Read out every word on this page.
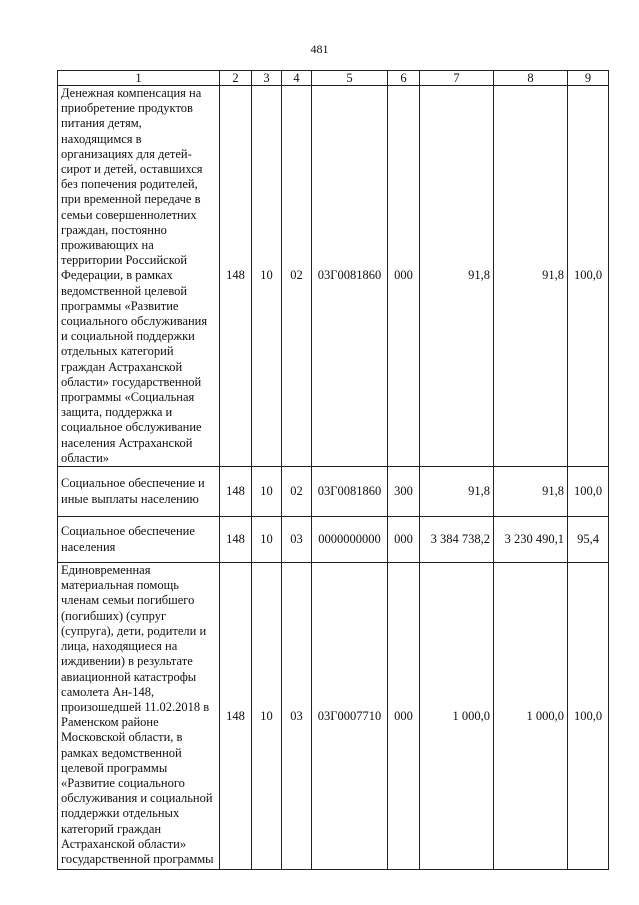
481
1	2	3	4	5	6	7	8	9
Денежная компенсация на приобретение продуктов питания детям, находящимся в организациях для детей-сирот и детей, оставшихся без попечения родителей, при временной передаче в семьи совершеннолетних граждан, постоянно проживающих на территории Российской Федерации, в рамках ведомственной целевой программы «Развитие социального обслуживания и социальной поддержки отдельных категорий граждан Астраханской области» государственной программы «Социальная защита, поддержка и социальное обслуживание населения Астраханской области»	148	10	02	03Г0081860	000	91,8	91,8	100,0
Социальное обеспечение и иные выплаты населению	148	10	02	03Г0081860	300	91,8	91,8	100,0
Социальное обеспечение населения	148	10	03	0000000000	000	3 384 738,2	3 230 490,1	95,4
Единовременная материальная помощь членам семьи погибшего (погибших) (супруг (супруга), дети, родители и лица, находящиеся на иждивении) в результате авиационной катастрофы самолета Ан-148, произошедшей 11.02.2018 в Раменском районе Московской области, в рамках ведомственной целевой программы «Развитие социального обслуживания и социальной поддержки отдельных категорий граждан Астраханской области» государственной программы	148	10	03	03Г0007710	000	1 000,0	1 000,0	100,0
